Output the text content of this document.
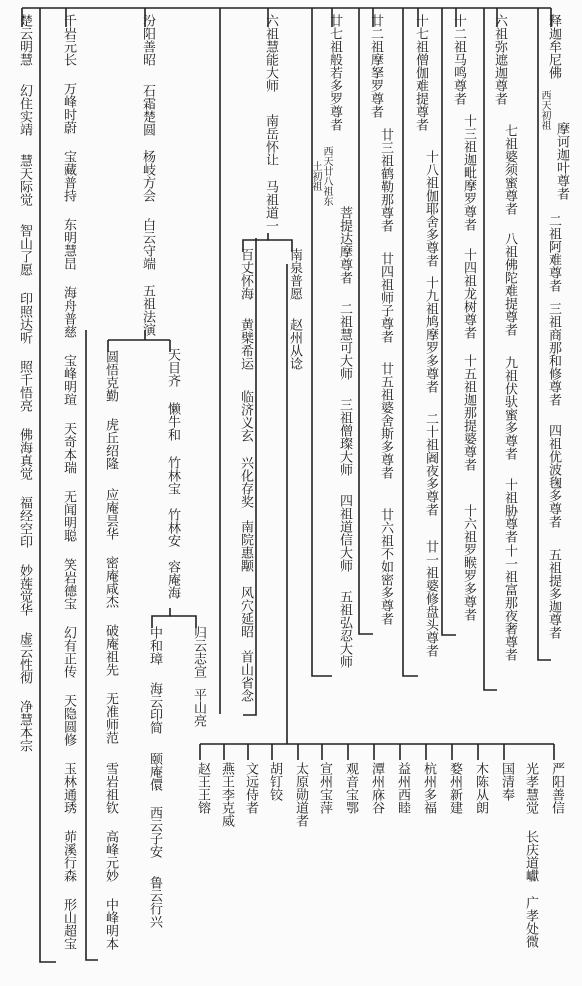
释迦牟尼佛
西天初祖
摩诃迦叶尊者
二祖阿难尊者
三祖商那和修尊者
四祖优波毱多尊者
五祖提多迦尊者
六祖弥遮迦尊者
七祖婆须蜜尊者
八祖佛陀难提尊者
九祖伏驮蜜多尊者
十祖胁尊者
十一祖富那夜奢尊者
十二祖马鸣尊者
十三祖迦毗摩罗尊者
十四祖龙树尊者
十五祖迦那提婆尊者
十六祖罗睺罗多尊者
十七祖僧伽难提尊者
十八祖伽耶舍多尊者
十九祖鸠摩罗多尊者
二十祖阇夜多尊者
廿一祖婆修盘头尊者
廿二祖摩拏罗尊者
廿三祖鹤勒那尊者
廿四祖师子尊者
廿五祖婆舍斯多尊者
廿六祖不如密多尊者
廿七祖般若多罗尊者
西天廿八祖东土初祖
菩提达摩尊者
二祖慧可大师
三祖僧璨大师
四祖道信大师
五祖弘忍大师
六祖慧能大师
南岳怀让
马祖道一
南泉普愿
赵州从谂
百丈怀海
黄檗希运
临济义玄
兴化存奖
南院惠颙
风穴延昭
首山省念
汾阳善昭
石霜楚圆
杨岐方会
白云守端
五祖法演
天目齐
懒牛和
竹林宝
竹林安
容庵海
归云志宣
平山亮
中和璋
海云印简
颐庵儇
西云子安
鲁云行兴
圆悟克勤
虎丘绍隆
应庵昙华
密庵咸杰
破庵祖先
无准师范
雪岩祖钦
高峰元妙
中峰明本
千岩元长
万峰时蔚
宝藏普持
东明慧旵
海舟普慈
宝峰明瑄
天奇本瑞
无闻明聪
笑岩德宝
幻有正传
天隐圆修
玉林通琇
茆溪行森
形山超宝
楚云明慧
幻住实靖
慧天际觉
智山了愿
印照达听
照千悟亮
佛海真觉
福经空印
妙莲觉华
虚云性彻
净慧本宗
严阳善信
光孝慧觉
长庆道巘
广孝处微
国清奉
木陈从朗
婺州新建
杭州多福
益州西睦
潭州庥谷
观音宝鄂
宣州宝萍
太原勋道者
胡钉铰
文远侍者
燕王李克威
赵王王镕
